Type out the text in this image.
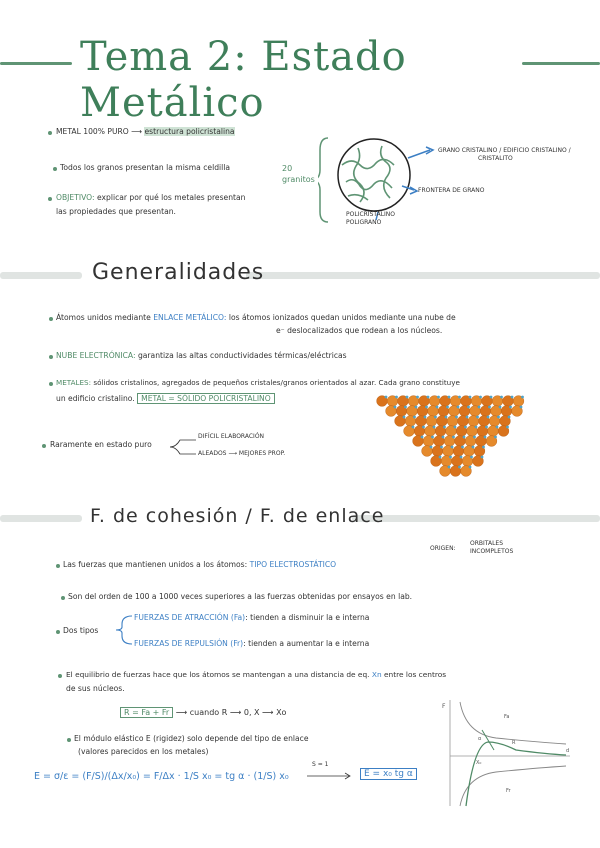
Tema 2: Estado Metálico
METAL 100% PURO ⟶ estructura policristalina
Todos los granos presentan la misma celdilla
OBJETIVO: explicar por qué los metales presentan
las propiedades que presentan.
20
granitos
GRANO CRISTALINO / EDIFICIO CRISTALINO /
CRISTALITO
FRONTERA DE GRANO
POLICRISTALINO
POLIGRANO
Generalidades
Átomos unidos mediante ENLACE METÁLICO: los átomos ionizados quedan unidos mediante una nube de
e⁻ deslocalizados que rodean a los núcleos.
NUBE ELECTRÓNICA: garantiza las altas conductividades térmicas/eléctricas
METALES: sólidos cristalinos, agregados de pequeños cristales/granos orientados al azar. Cada grano constituye
un edificio cristalino. METAL = SÓLIDO POLICRISTALINO
Raramente en estado puro
DIFÍCIL ELABORACIÓN
ALEADOS ⟶ MEJORES PROP.
F. de cohesión / F. de enlace
Las fuerzas que mantienen unidos a los átomos: TIPO ELECTROSTÁTICO
ORIGEN:
ORBITALES
INCOMPLETOS
Son del orden de 100 a 1000 veces superiores a las fuerzas obtenidas por ensayos en lab.
Dos tipos
FUERZAS DE ATRACCIÓN (Fa): tienden a disminuir la e interna
FUERZAS DE REPULSIÓN (Fr): tienden a aumentar la e interna
El equilibrio de fuerzas hace que los átomos se mantengan a una distancia de eq. Xn entre los centros
de sus núcleos.
R = Fa + Fr ⟶ cuando R ⟶ 0, X ⟶ Xo
El módulo elástico E (rigidez) solo depende del tipo de enlace
(valores parecidos en los metales)
E = σ/ε = (F/S)/(Δx/x₀) = F/Δx · 1/S x₀ = tg α · (1/S) x₀
S = 1
E = x₀ tg α
F
Fa
Fr
d
X₀
α
R
